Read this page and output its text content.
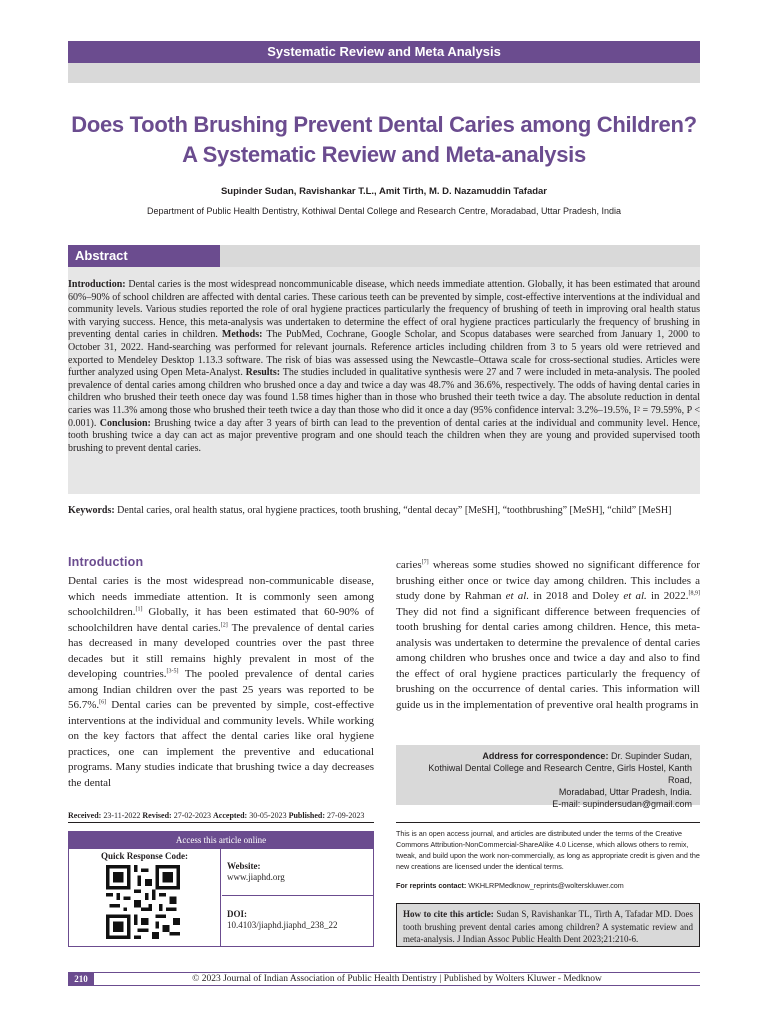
Systematic Review and Meta Analysis
Does Tooth Brushing Prevent Dental Caries among Children? A Systematic Review and Meta-analysis
Supinder Sudan, Ravishankar T.L., Amit Tirth, M. D. Nazamuddin Tafadar
Department of Public Health Dentistry, Kothiwal Dental College and Research Centre, Moradabad, Uttar Pradesh, India
Abstract

Introduction: Dental caries is the most widespread noncommunicable disease, which needs immediate attention. Globally, it has been estimated that around 60%–90% of school children are affected with dental caries. These carious teeth can be prevented by simple, cost-effective interventions at the individual and community levels. Various studies reported the role of oral hygiene practices particularly the frequency of brushing of teeth in improving oral health status with varying success. Hence, this meta-analysis was undertaken to determine the effect of oral hygiene practices particularly the frequency of brushing in preventing dental caries in children. Methods: The PubMed, Cochrane, Google Scholar, and Scopus databases were searched from January 1, 2000 to October 31, 2022. Hand-searching was performed for relevant journals. Reference articles including children from 3 to 5 years old were retrieved and exported to Mendeley Desktop 1.13.3 software. The risk of bias was assessed using the Newcastle–Ottawa scale for cross-sectional studies. Articles were further analyzed using Open Meta-Analyst. Results: The studies included in qualitative synthesis were 27 and 7 were included in meta-analysis. The pooled prevalence of dental caries among children who brushed once a day and twice a day was 48.7% and 36.6%, respectively. The odds of having dental caries in children who brushed their teeth onece day was found 1.58 times higher than in those who brushed their teeth twice a day. The absolute reduction in dental caries was 11.3% among those who brushed their teeth twice a day than those who did it once a day (95% confidence interval: 3.2%–19.5%, I² = 79.59%, P < 0.001). Conclusion: Brushing twice a day after 3 years of birth can lead to the prevention of dental caries at the individual and community level. Hence, tooth brushing twice a day can act as major preventive program and one should teach the children when they are young and provided supervised tooth brushing to prevent dental caries.

Keywords: Dental caries, oral health status, oral hygiene practices, tooth brushing, “dental decay” [MeSH], “toothbrushing” [MeSH], “child” [MeSH]

Introduction

Dental caries is the most widespread non-communicable disease, which needs immediate attention. It is commonly seen among schoolchildren.[1] Globally, it has been estimated that 60-90% of schoolchildren have dental caries.[2] The prevalence of dental caries has decreased in many developed countries over the past three decades but it still remains highly prevalent in most of the developing countries.[3-5] The pooled prevalence of dental caries among Indian children over the past 25 years was reported to be 56.7%.[6] Dental caries can be prevented by simple, cost-effective interventions at the individual and community levels. While working on the key factors that affect the dental caries like oral hygiene practices, one can implement the preventive and educational programs. Many studies indicate that brushing twice a day decreases the dental

caries[7] whereas some studies showed no significant difference for brushing either once or twice day among children. This includes a study done by Rahman et al. in 2018 and Doley et al. in 2022.[8,9] They did not find a significant difference between frequencies of tooth brushing for dental caries among children. Hence, this meta-analysis was undertaken to determine the prevalence of dental caries among children who brushes once and twice a day and also to find the effect of oral hygiene practices particularly the frequency of brushing on the occurrence of dental caries. This information will guide us in the implementation of preventive oral health programs in

Address for correspondence: Dr. Supinder Sudan,
Kothiwal Dental College and Research Centre, Girls Hostel, Kanth Road,
Moradabad, Uttar Pradesh, India.
E-mail: supindersudan@gmail.com
Received: 23-11-2022 Revised: 27-02-2023 Accepted: 30-05-2023 Published: 27-09-2023
Access this article online
Quick Response Code:
Website:
www.jiaphd.org
DOI:
10.4103/jiaphd.jiaphd_238_22

This is an open access journal, and articles are distributed under the terms of the Creative Commons Attribution-NonCommercial-ShareAlike 4.0 License, which allows others to remix, tweak, and build upon the work non-commercially, as long as appropriate credit is given and the new creations are licensed under the identical terms.

For reprints contact: WKHLRPMedknow_reprints@wolterskluwer.com

How to cite this article: Sudan S, Ravishankar TL, Tirth A, Tafadar MD. Does tooth brushing prevent dental caries among children? A systematic review and meta-analysis. J Indian Assoc Public Health Dent 2023;21:210-6.
210	© 2023 Journal of Indian Association of Public Health Dentistry | Published by Wolters Kluwer - Medknow
